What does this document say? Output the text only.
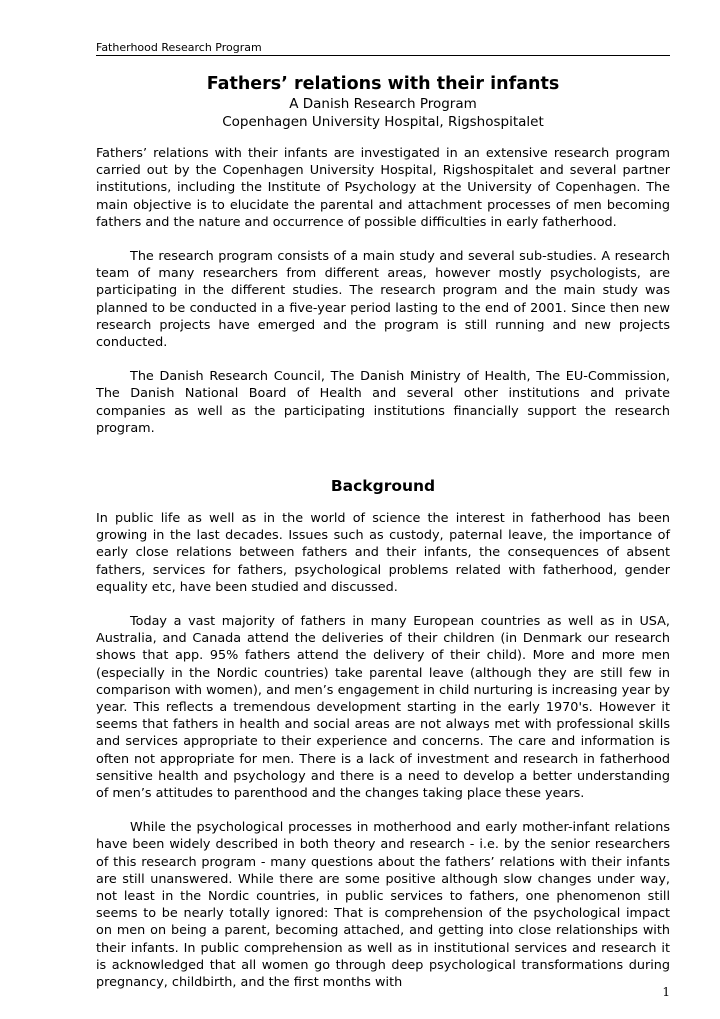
Fatherhood Research Program

Fathers’ relations with their infants

A Danish Research Program

Copenhagen University Hospital, Rigshospitalet

Fathers’ relations with their infants are investigated in an extensive research program carried out by the Copenhagen University Hospital, Rigshospitalet and several partner institutions, including the Institute of Psychology at the University of Copenhagen. The main objective is to elucidate the parental and attachment processes of men becoming fathers and the nature and occurrence of possible difficulties in early fatherhood.

The research program consists of a main study and several sub-studies. A research team of many researchers from different areas, however mostly psychologists, are participating in the different studies. The research program and the main study was planned to be conducted in a five-year period lasting to the end of 2001. Since then new research projects have emerged and the program is still running and new projects conducted.

The Danish Research Council, The Danish Ministry of Health, The EU-Commission, The Danish National Board of Health and several other institutions and private companies as well as the participating institutions financially support the research program.

Background

In public life as well as in the world of science the interest in fatherhood has been growing in the last decades. Issues such as custody, paternal leave, the importance of early close relations between fathers and their infants, the consequences of absent fathers, services for fathers, psychological problems related with fatherhood, gender equality etc, have been studied and discussed.

Today a vast majority of fathers in many European countries as well as in USA, Australia, and Canada attend the deliveries of their children (in Denmark our research shows that app. 95% fathers attend the delivery of their child). More and more men (especially in the Nordic countries) take parental leave (although they are still few in comparison with women), and men’s engagement in child nurturing is increasing year by year. This reflects a tremendous development starting in the early 1970's. However it seems that fathers in health and social areas are not always met with professional skills and services appropriate to their experience and concerns. The care and information is often not appropriate for men. There is a lack of investment and research in fatherhood sensitive health and psychology and there is a need to develop a better understanding of men’s attitudes to parenthood and the changes taking place these years.

While the psychological processes in motherhood and early mother-infant relations have been widely described in both theory and research - i.e. by the senior researchers of this research program - many questions about the fathers’ relations with their infants are still unanswered. While there are some positive although slow changes under way, not least in the Nordic countries, in public services to fathers, one phenomenon still seems to be nearly totally ignored: That is comprehension of the psychological impact on men on being a parent, becoming attached, and getting into close relationships with their infants. In public comprehension as well as in institutional services and research it is acknowledged that all women go through deep psychological transformations during pregnancy, childbirth, and the first months with

1
